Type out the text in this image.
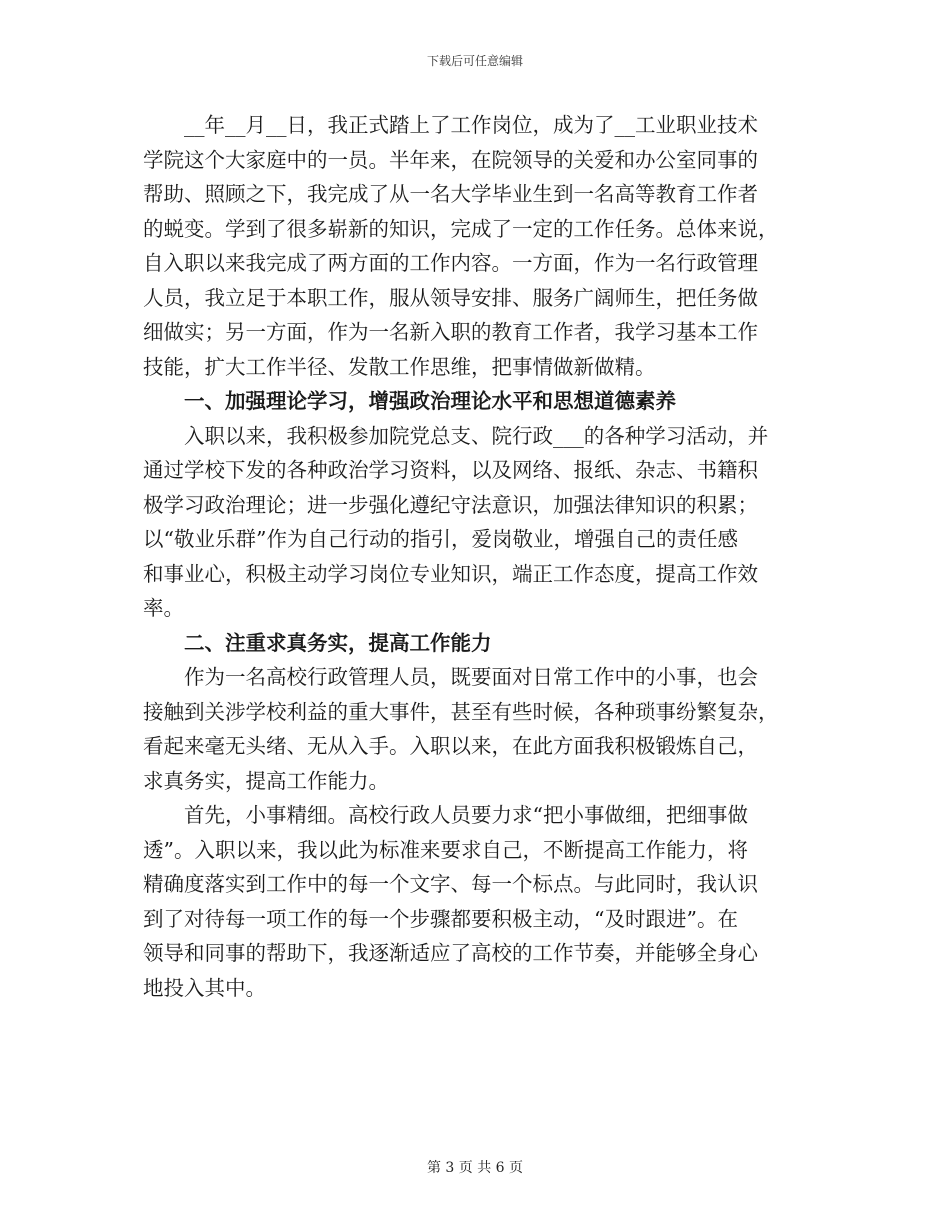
下载后可任意编辑
　　__年__月__日，我正式踏上了工作岗位，成为了__工业职业技术
学院这个大家庭中的一员。半年来，在院领导的关爱和办公室同事的
帮助、照顾之下，我完成了从一名大学毕业生到一名高等教育工作者
的蜕变。学到了很多崭新的知识，完成了一定的工作任务。总体来说，
自入职以来我完成了两方面的工作内容。一方面，作为一名行政管理
人员，我立足于本职工作，服从领导安排、服务广阔师生，把任务做
细做实；另一方面，作为一名新入职的教育工作者，我学习基本工作
技能，扩大工作半径、发散工作思维，把事情做新做精。
　　一、加强理论学习，增强政治理论水平和思想道德素养
　　入职以来，我积极参加院党总支、院行政___的各种学习活动，并
通过学校下发的各种政治学习资料，以及网络、报纸、杂志、书籍积
极学习政治理论；进一步强化遵纪守法意识，加强法律知识的积累；
以“敬业乐群”作为自己行动的指引，爱岗敬业，增强自己的责任感
和事业心，积极主动学习岗位专业知识，端正工作态度，提高工作效
率。
　　二、注重求真务实，提高工作能力
　　作为一名高校行政管理人员，既要面对日常工作中的小事，也会
接触到关涉学校利益的重大事件，甚至有些时候，各种琐事纷繁复杂，
看起来毫无头绪、无从入手。入职以来，在此方面我积极锻炼自己，
求真务实，提高工作能力。
　　首先，小事精细。高校行政人员要力求“把小事做细，把细事做
透”。入职以来，我以此为标准来要求自己，不断提高工作能力，将
精确度落实到工作中的每一个文字、每一个标点。与此同时，我认识
到了对待每一项工作的每一个步骤都要积极主动，“及时跟进”。在
领导和同事的帮助下，我逐渐适应了高校的工作节奏，并能够全身心
地投入其中。
第 3 页 共 6 页
